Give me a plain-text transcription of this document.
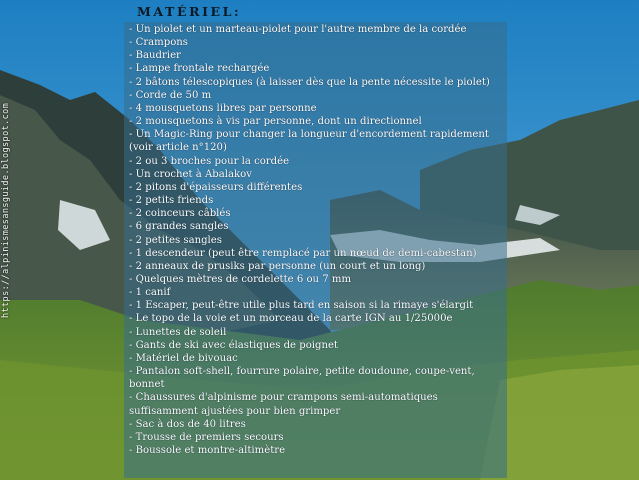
https://alpinismesansguide.blogspot.com
MATÉRIEL:
- Un piolet et un marteau-piolet pour l'autre membre de la cordée
- Crampons
- Baudrier
- Lampe frontale rechargée
- 2 bâtons télescopiques (à laisser dès que la pente nécessite le piolet)
- Corde de 50 m
- 4 mousquetons libres par personne
- 2 mousquetons à vis par personne, dont un directionnel
- Un Magic-Ring pour changer la longueur d'encordement rapidement (voir article n°120)
- 2 ou 3 broches pour la cordée
- Un crochet à Abalakov
- 2 pitons d'épaisseurs différentes
- 2 petits friends
- 2 coinceurs câblés
- 6 grandes sangles
- 2 petites sangles
- 1 descendeur (peut être remplacé par un nœud de demi-cabestan)
- 2 anneaux de prusiks par personne (un court et un long)
- Quelques mètres de cordelette 6 ou 7 mm
- 1 canif
- 1 Escaper, peut-être utile plus tard en saison si la rimaye s'élargit
- Le topo de la voie et un morceau de la carte IGN au 1/25000e
- Lunettes de soleil
- Gants de ski avec élastiques de poignet
- Matériel de bivouac
- Pantalon soft-shell, fourrure polaire, petite doudoune, coupe-vent, bonnet
- Chaussures d'alpinisme pour crampons semi-automatiques suffisamment ajustées pour bien grimper
- Sac à dos de 40 litres
- Trousse de premiers secours
- Boussole et montre-altimètre
